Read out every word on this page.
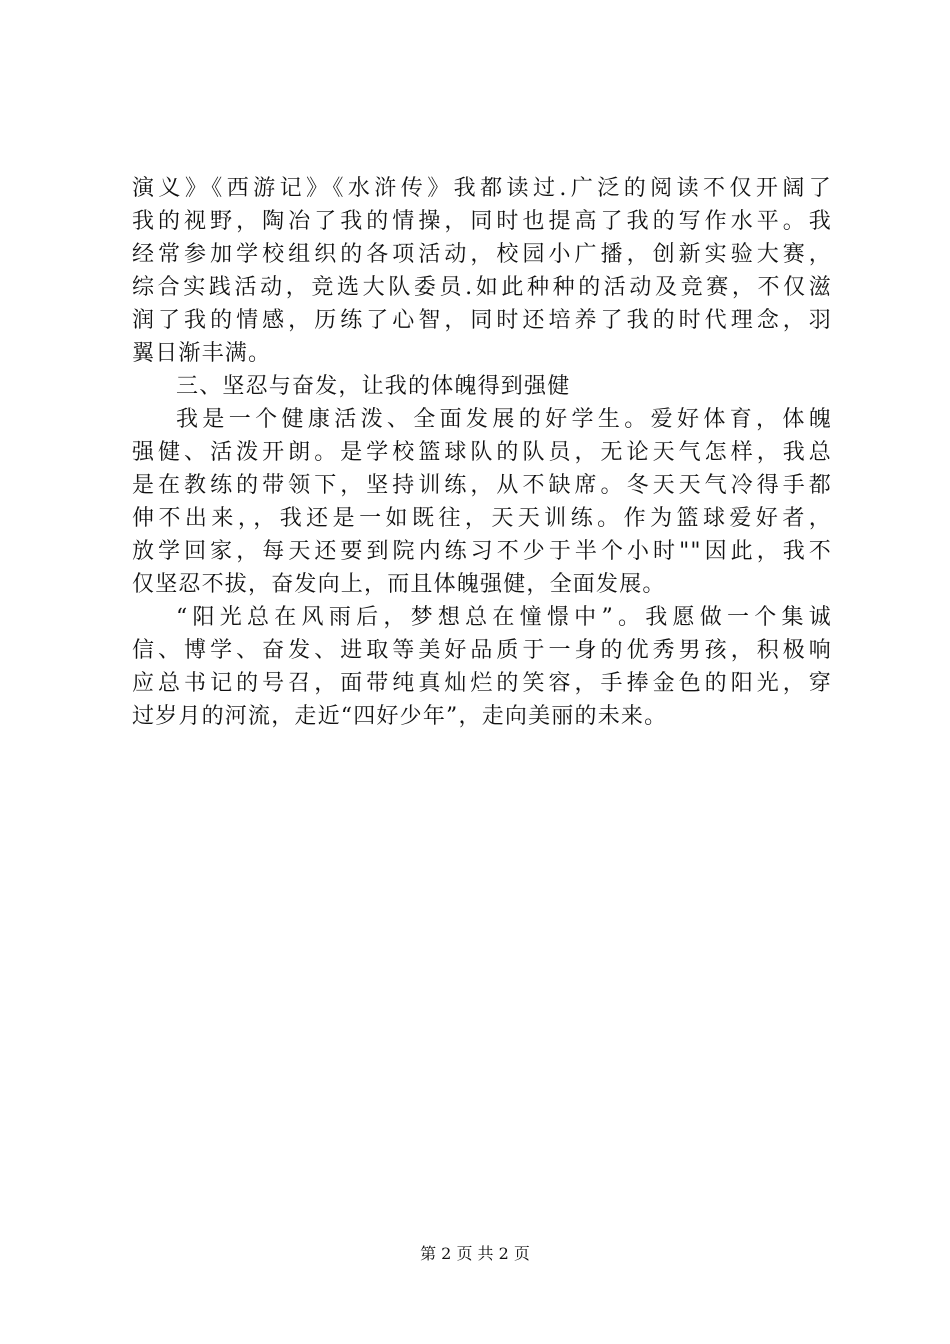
演义》《西游记》《水浒传》我都读过.广泛的阅读不仅开阔了
我的视野，陶冶了我的情操，同时也提高了我的写作水平。我
经常参加学校组织的各项活动，校园小广播，创新实验大赛，
综合实践活动，竞选大队委员.如此种种的活动及竞赛，不仅滋
润了我的情感，历练了心智，同时还培养了我的时代理念，羽
翼日渐丰满。
三、坚忍与奋发，让我的体魄得到强健
我是一个健康活泼、全面发展的好学生。爱好体育，体魄
强健、活泼开朗。是学校篮球队的队员，无论天气怎样，我总
是在教练的带领下，坚持训练，从不缺席。冬天天气冷得手都
伸不出来，，我还是一如既往，天天训练。作为篮球爱好者，
放学回家，每天还要到院内练习不少于半个小时""因此，我不
仅坚忍不拔，奋发向上，而且体魄强健，全面发展。
“阳光总在风雨后，梦想总在憧憬中”。我愿做一个集诚
信、博学、奋发、进取等美好品质于一身的优秀男孩，积极响
应总书记的号召，面带纯真灿烂的笑容，手捧金色的阳光，穿
过岁月的河流，走近“四好少年”，走向美丽的未来。
第 2 页 共 2 页
